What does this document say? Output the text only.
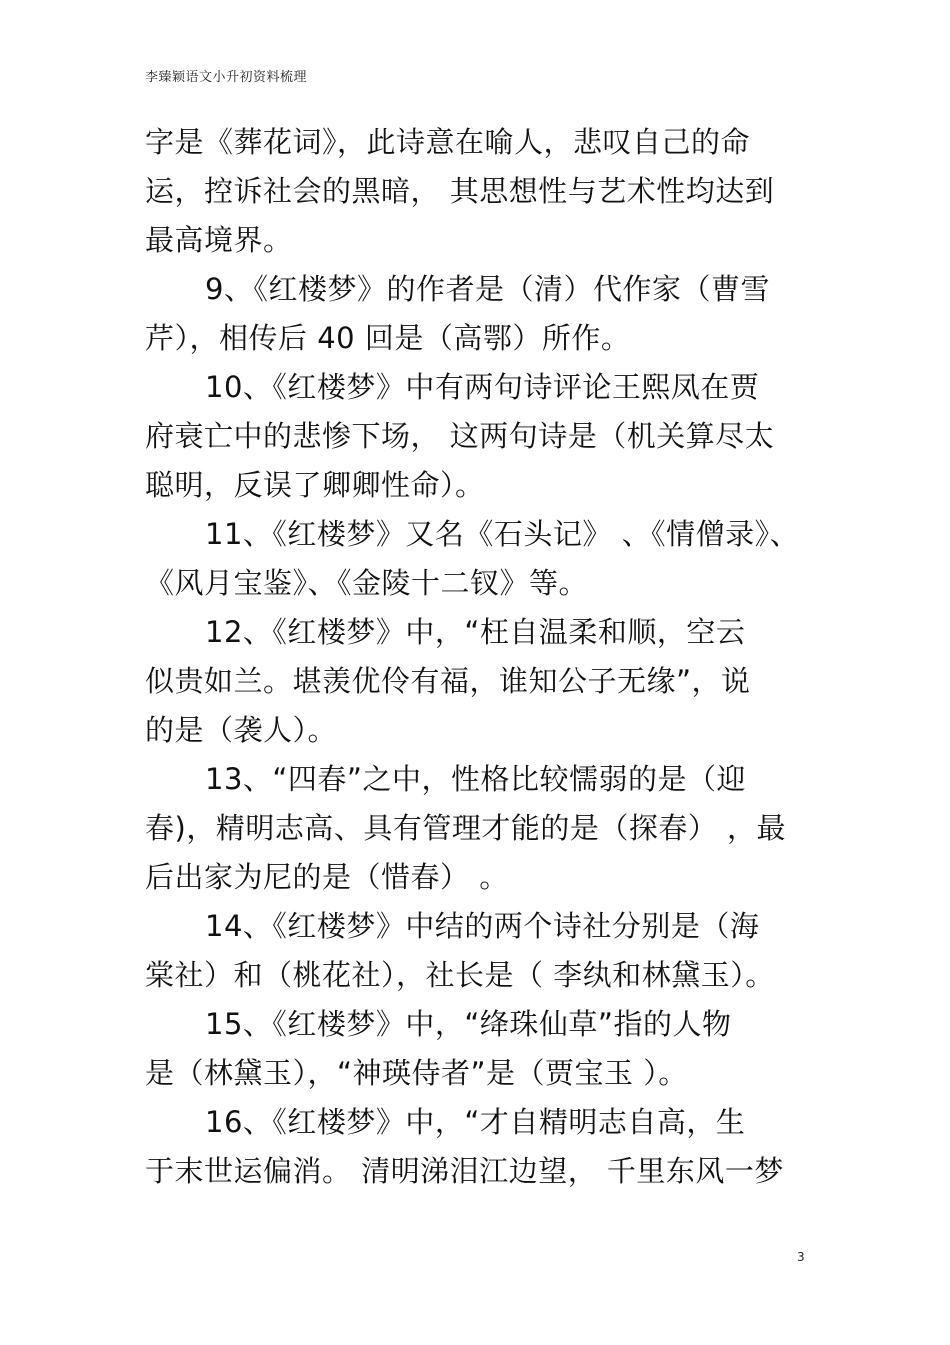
李臻颖语文小升初资料梳理
字是《葬花词》，此诗意在喻人，悲叹自己的命
运，控诉社会的黑暗， 其思想性与艺术性均达到
最高境界。
9、《红楼梦》的作者是（清）代作家（曹雪
芹），相传后 40 回是（高鄂）所作。
10、《红楼梦》中有两句诗评论王熙凤在贾
府衰亡中的悲惨下场， 这两句诗是（机关算尽太
聪明，反误了卿卿性命）。
11、《红楼梦》又名《石头记》 、《情僧录》、
《风月宝鉴》、《金陵十二钗》等。
12、《红楼梦》中，“枉自温柔和顺，空云
似贵如兰。堪羡优伶有福，谁知公子无缘”，说
的是（袭人）。
13、“四春”之中，性格比较懦弱的是（迎
春)，精明志高、具有管理才能的是（探春） ，最
后出家为尼的是（惜春） 。
14、《红楼梦》中结的两个诗社分别是（海
棠社）和（桃花社），社长是（ 李纨和林黛玉）。
15、《红楼梦》中，“绛珠仙草”指的人物
是（林黛玉），“神瑛侍者”是（贾宝玉 ）。
16、《红楼梦》中，“才自精明志自高，生
于末世运偏消。 清明涕泪江边望， 千里东风一梦
3
